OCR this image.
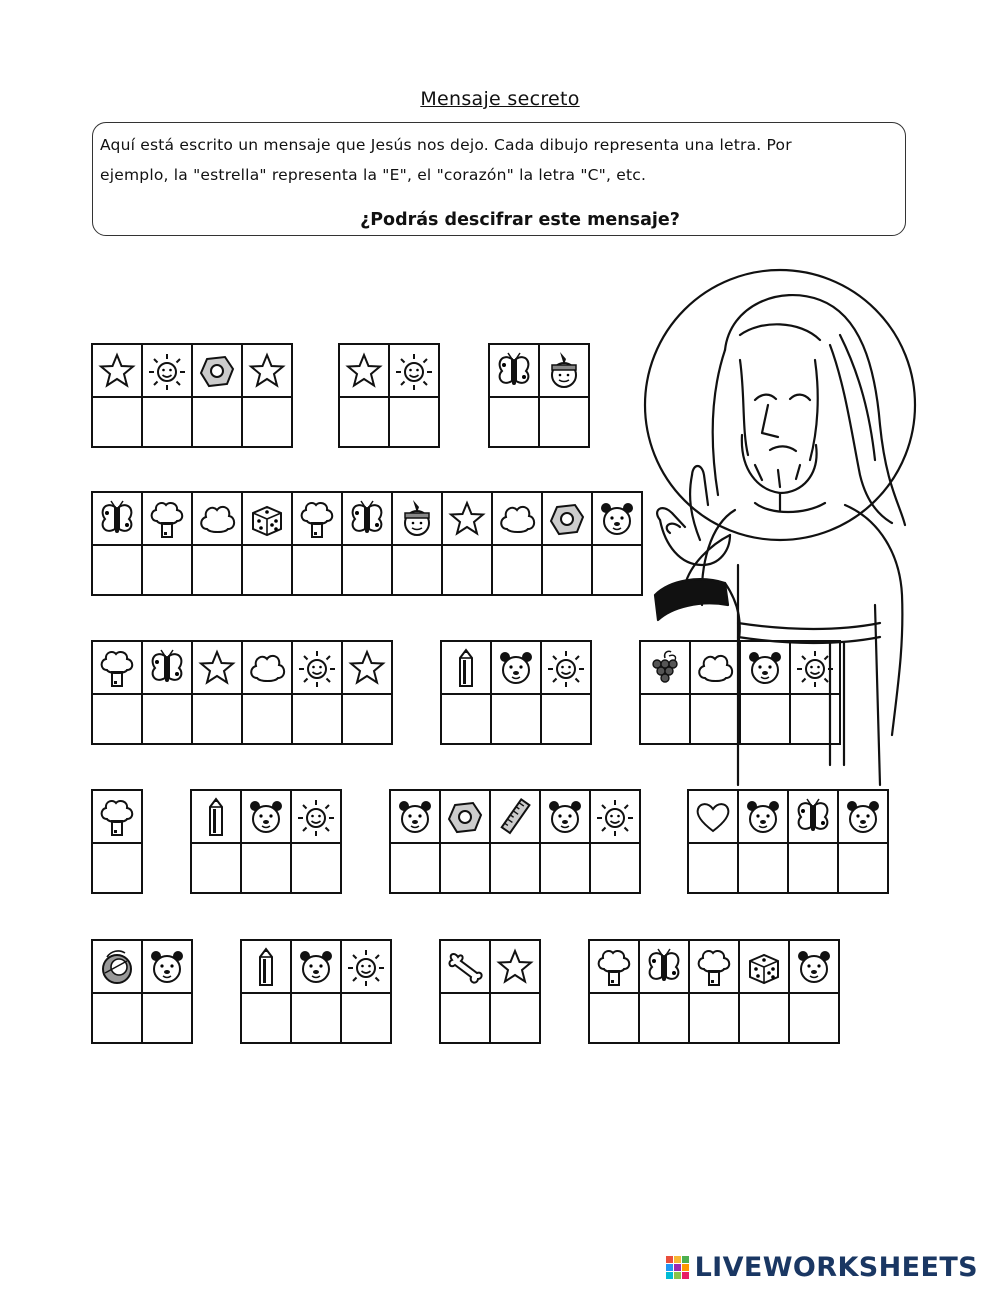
Mensaje secreto
Aquí está escrito un mensaje que Jesús nos dejo. Cada dibujo representa una letra. Por
ejemplo, la "estrella" representa la "E", el "corazón" la letra "C", etc.
¿Podrás descifrar este mensaje?
LIVEWORKSHEETS
